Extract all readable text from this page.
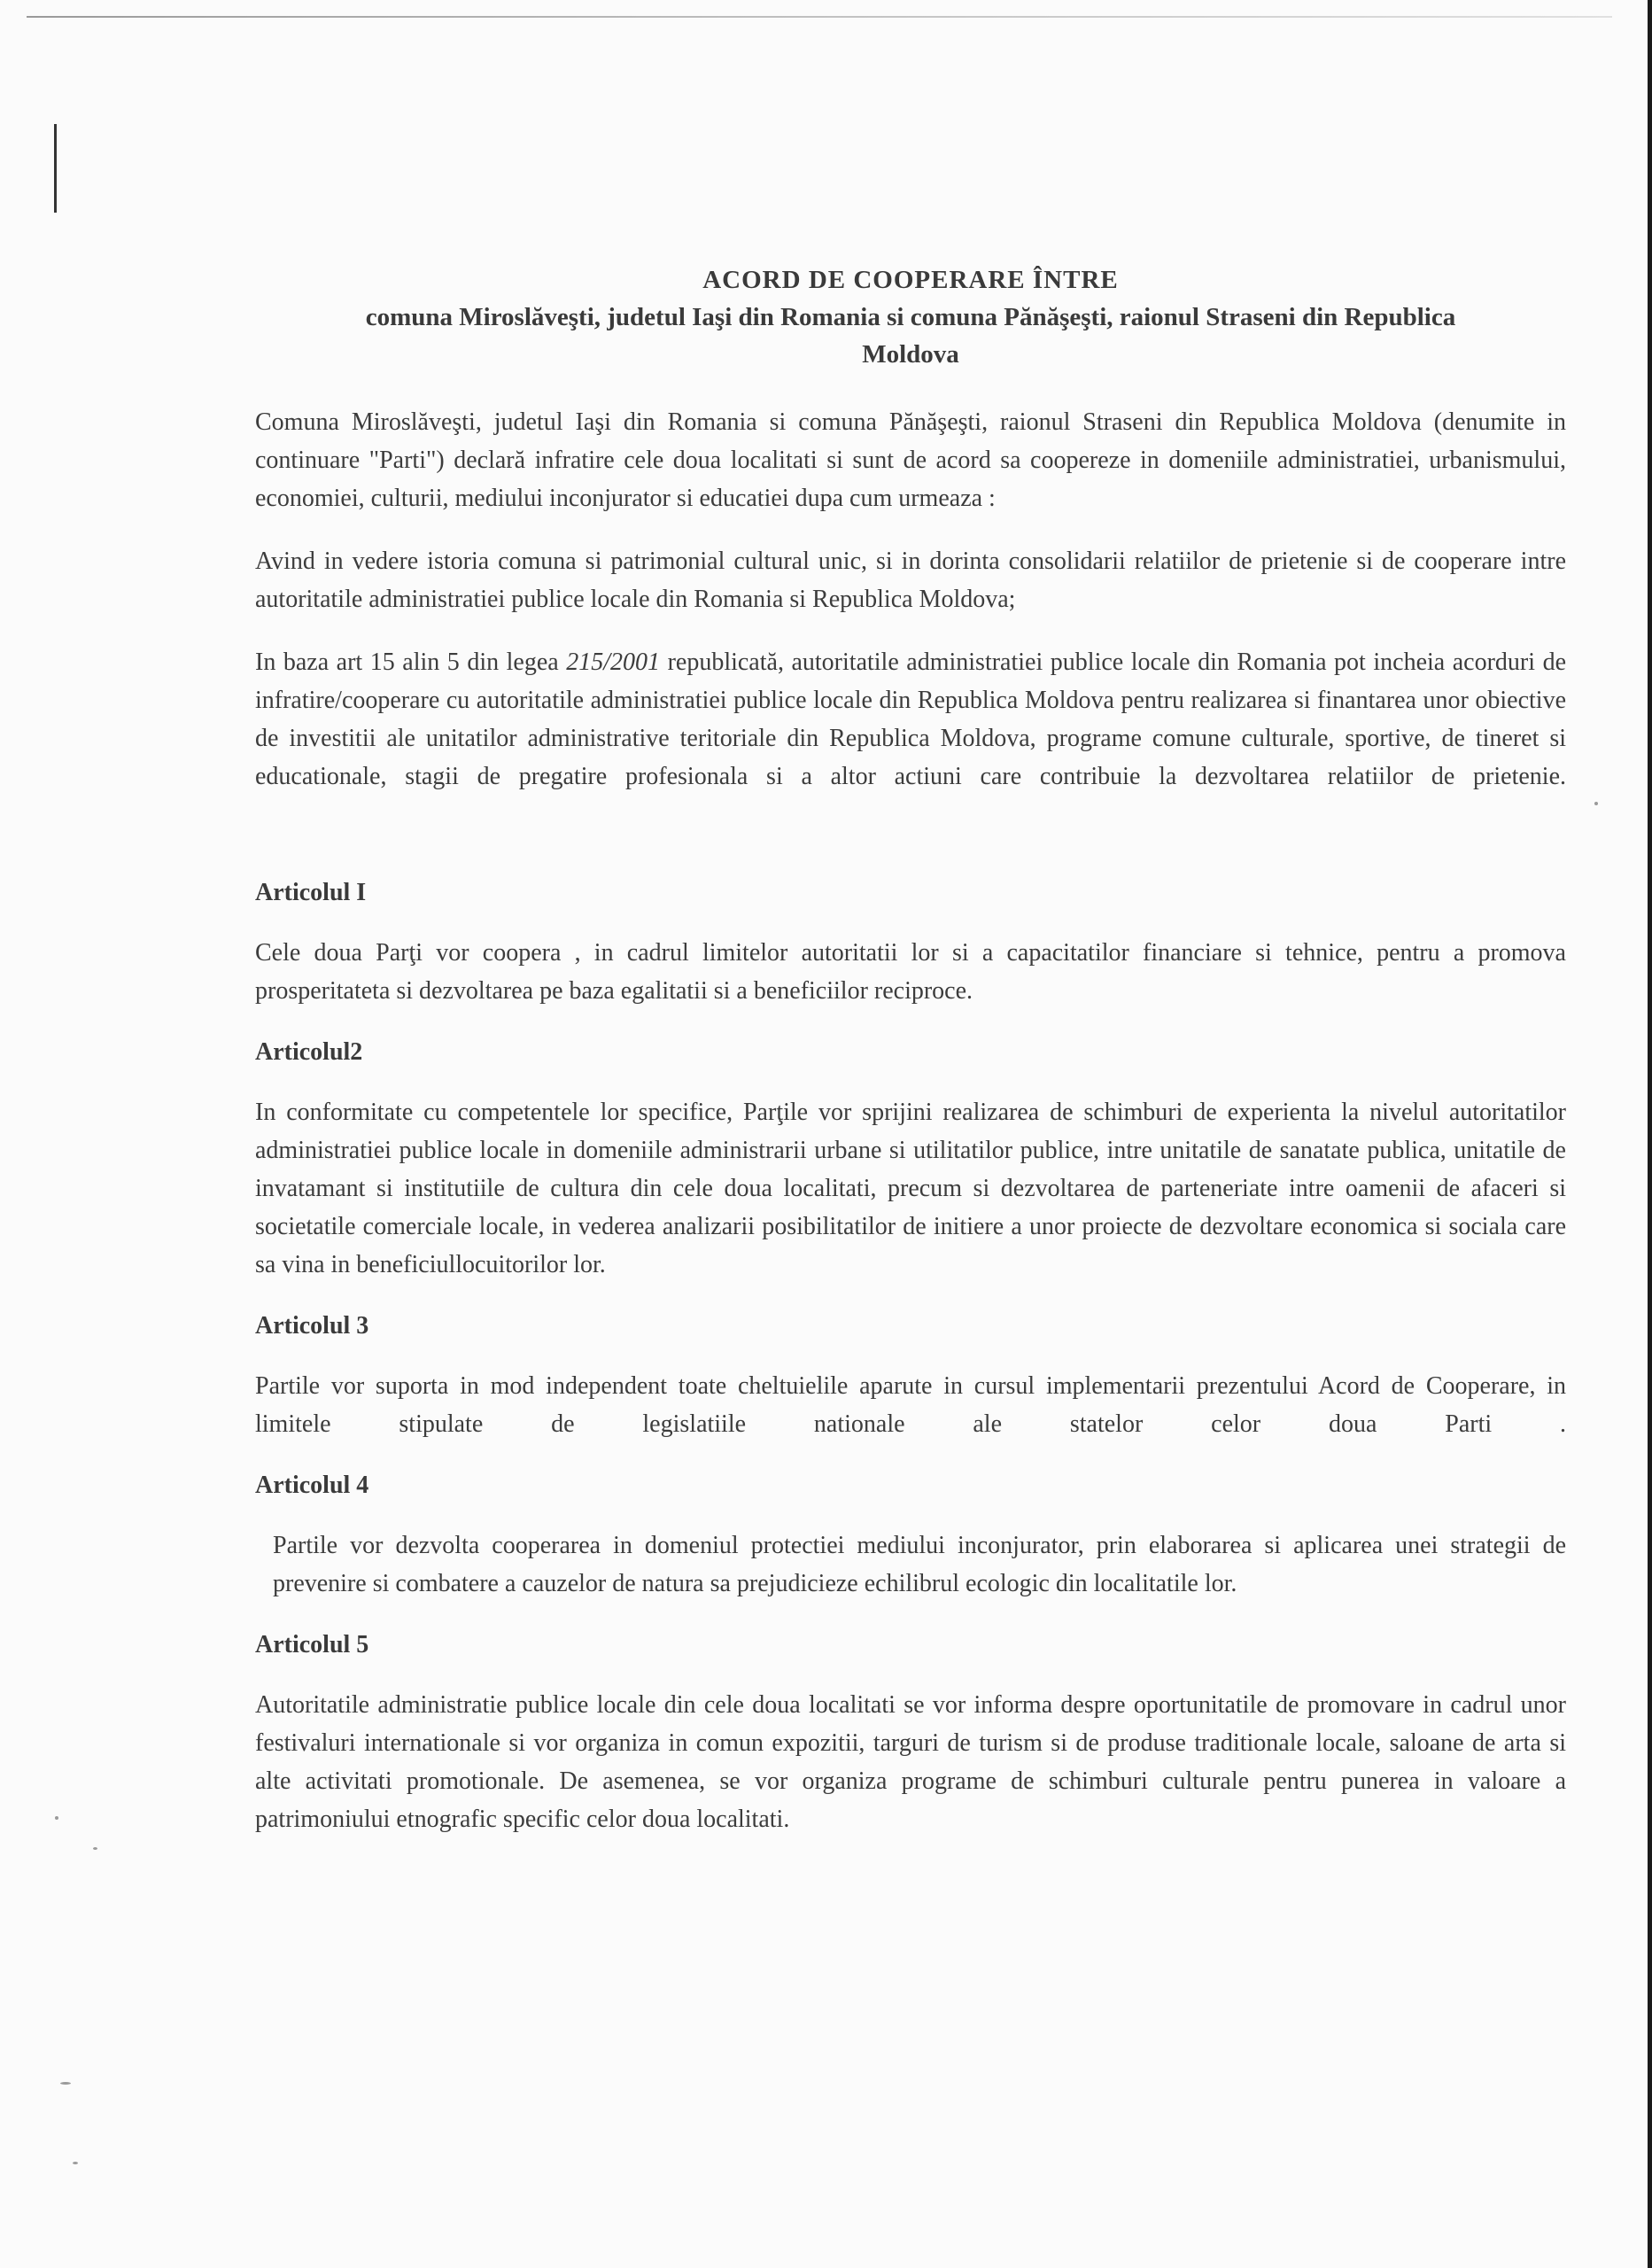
ACORD DE COOPERARE ÎNTRE
comuna Miroslăveşti, judetul Iaşi din Romania si comuna Pănăşeşti, raionul Straseni din Republica
Moldova

Comuna Miroslăveşti, judetul Iaşi din Romania si comuna Pănăşeşti, raionul Straseni din Republica Moldova (denumite in continuare "Parti") declară infratire cele doua localitati si sunt de acord sa coopereze in domeniile administratiei, urbanismului, economiei, culturii, mediului inconjurator si educatiei dupa cum urmeaza :

Avind in vedere istoria comuna si patrimonial cultural unic, si in dorinta consolidarii relatiilor de prietenie si de cooperare intre autoritatile administratiei publice locale din Romania si Republica Moldova;

In baza art 15 alin 5 din legea 215/2001 republicată, autoritatile administratiei publice locale din Romania pot incheia acorduri de infratire/cooperare cu autoritatile administratiei publice locale din Republica Moldova pentru realizarea si finantarea unor obiective de investitii ale unitatilor administrative teritoriale din Republica Moldova, programe comune culturale, sportive, de tineret si educationale, stagii de pregatire profesionala si a altor actiuni care contribuie la dezvoltarea relatiilor de prietenie.

Articolul I

Cele doua Parţi vor coopera , in cadrul limitelor autoritatii lor si a capacitatilor financiare si tehnice, pentru a promova prosperitateta si dezvoltarea pe baza egalitatii si a beneficiilor reciproce.

Articolul2

In conformitate cu competentele lor specifice, Parţile vor sprijini realizarea de schimburi de experienta la nivelul autoritatilor administratiei publice locale in domeniile administrarii urbane si utilitatilor publice, intre unitatile de sanatate publica, unitatile de invatamant si institutiile de cultura din cele doua localitati, precum si dezvoltarea de parteneriate intre oamenii de afaceri si societatile comerciale locale, in vederea analizarii posibilitatilor de initiere a unor proiecte de dezvoltare economica si sociala care sa vina in beneficiullocuitorilor lor.

Articolul 3

Partile vor suporta in mod independent toate cheltuielile aparute in cursul implementarii prezentului Acord de Cooperare, in limitele stipulate de legislatiile nationale ale statelor celor doua Parti .

Articolul 4

Partile vor dezvolta cooperarea in domeniul protectiei mediului inconjurator, prin elaborarea si aplicarea unei strategii de prevenire si combatere a cauzelor de natura sa prejudicieze echilibrul ecologic din localitatile lor.

Articolul 5

Autoritatile administratie publice locale din cele doua localitati se vor informa despre oportunitatile de promovare in cadrul unor festivaluri internationale si vor organiza in comun expozitii, targuri de turism si de produse traditionale locale, saloane de arta si alte activitati promotionale. De asemenea, se vor organiza programe de schimburi culturale pentru punerea in valoare a patrimoniului etnografic specific celor doua localitati.
